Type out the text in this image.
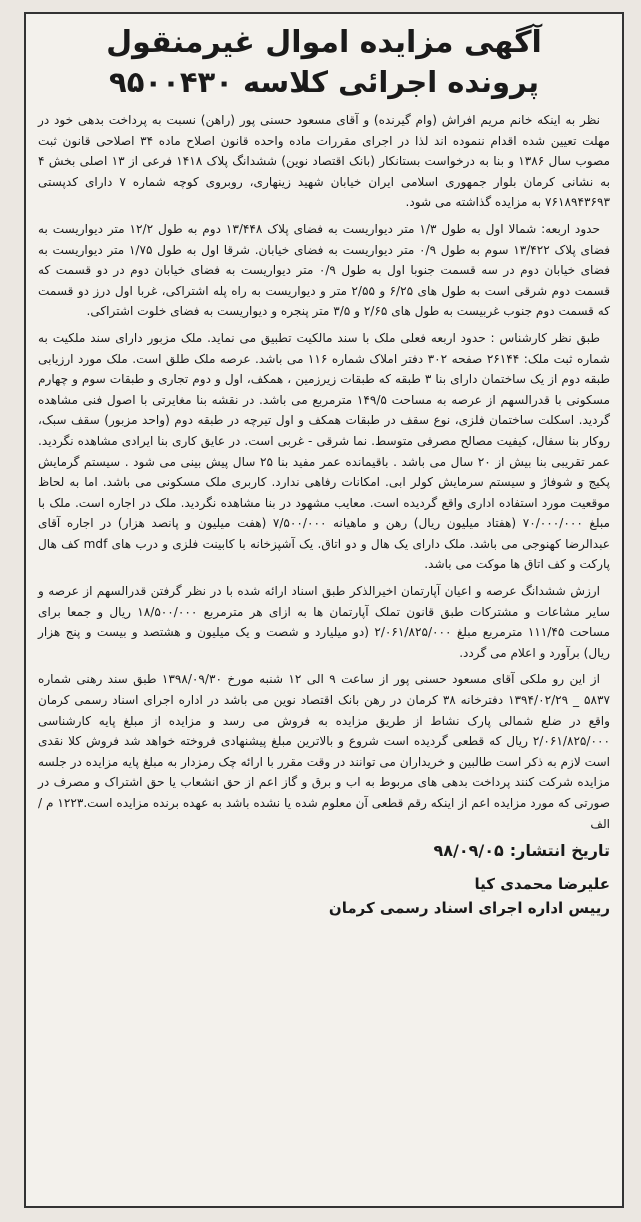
آگهی مزایده اموال غیرمنقول
پرونده اجرائی کلاسه ۹۵۰۰۴۳۰

نظر به اینکه خانم مریم افراش (وام گیرنده) و آقای مسعود حسنی پور (راهن) نسبت به پرداخت بدهی خود در مهلت تعیین شده اقدام ننموده اند لذا در اجرای مقررات ماده واحده قانون اصلاح ماده ۳۴ اصلاحی قانون ثبت مصوب سال ۱۳۸۶ و بنا به درخواست بستانکار (بانک اقتصاد نوین) ششدانگ پلاک ۱۴۱۸ فرعی از ۱۳ اصلی بخش ۴ به نشانی کرمان بلوار جمهوری اسلامی ایران خیابان شهید زینهاری، روبروی کوچه شماره ۷ دارای کدپستی ۷۶۱۸۹۴۳۶۹۳ به مزایده گذاشته می شود.

حدود اربعه: شمالا اول به طول ۱/۳ متر دیواریست به فضای پلاک ۱۳/۴۴۸ دوم به طول ۱۲/۲ متر دیواریست به فضای پلاک ۱۳/۴۲۲ سوم به طول ۰/۹ متر دیواریست به فضای خیابان. شرقا اول به طول ۱/۷۵ متر دیواریست به فضای خیابان دوم در سه قسمت جنوبا اول به طول ۰/۹ متر دیواریست به فضای خیابان دوم در دو قسمت که قسمت دوم شرقی است به طول های ۶/۲۵ و ۲/۵۵ متر و دیواریست به راه پله اشتراکی، غربا اول درز دو قسمت که قسمت دوم جنوب غربیست به طول های ۲/۶۵ و ۳/۵ متر پنجره و دیواریست به فضای خلوت اشتراکی.

طبق نظر کارشناس : حدود اربعه فعلی ملک با سند مالکیت تطبیق می نماید. ملک مزبور دارای سند ملکیت به شماره ثبت ملک: ۲۶۱۴۴ صفحه ۳۰۲ دفتر املاک شماره ۱۱۶ می باشد. عرصه ملک طلق است. ملک مورد ارزیابی طبقه دوم از یک ساختمان دارای بنا ۳ طبقه که طبقات زیرزمین ، همکف، اول و دوم تجاری و طبقات سوم و چهارم مسکونی با قدرالسهم از عرصه به مساحت ۱۴۹/۵ مترمربع می باشد. در نقشه بنا مغایرتی با اصول فنی مشاهده گردید. اسکلت ساختمان فلزی، نوع سقف در طبقات همکف و اول تیرچه در طبقه دوم (واحد مزبور) سقف سبک، روکار بنا سفال، کیفیت مصالح مصرفی متوسط. نما شرقی - غربی است. در عایق کاری بنا ایرادی مشاهده نگردید. عمر تقریبی بنا بیش از ۲۰ سال می باشد . باقیمانده عمر مفید بنا ۲۵ سال پیش بینی می شود . سیستم گرمایش پکیج و شوفاژ و سیستم سرمایش کولر ابی. امکانات رفاهی ندارد. کاربری ملک مسکونی می باشد. اما به لحاظ موقعیت مورد استفاده اداری واقع گردیده است. معایب مشهود در بنا مشاهده نگردید. ملک در اجاره است. ملک با مبلغ ۷۰/۰۰۰/۰۰۰ (هفتاد میلیون ریال) رهن و ماهیانه ۷/۵۰۰/۰۰۰ (هفت میلیون و پانصد هزار) در اجاره آقای عبدالرضا کهنوجی می باشد. ملک دارای یک هال و دو اتاق. یک آشپزخانه با کابینت فلزی و درب های mdf کف هال پارکت و کف اتاق ها موکت می باشد.

ارزش ششدانگ عرصه و اعیان آپارتمان اخیرالذکر طبق اسناد ارائه شده با در نظر گرفتن قدرالسهم از عرصه و سایر مشاعات و مشترکات طبق قانون تملک آپارتمان ها به ازای هر مترمربع ۱۸/۵۰۰/۰۰۰ ریال و جمعا برای مساحت ۱۱۱/۴۵ مترمربع مبلغ ۲/۰۶۱/۸۲۵/۰۰۰ (دو میلیارد و شصت و یک میلیون و هشتصد و بیست و پنج هزار ریال) برآورد و اعلام می گردد.

از این رو ملکی آقای مسعود حسنی پور از ساعت ۹ الی ۱۲ شنبه مورخ ۱۳۹۸/۰۹/۳۰ طبق سند رهنی شماره ۵۸۳۷ _ ۱۳۹۴/۰۲/۲۹ دفترخانه ۳۸ کرمان در رهن بانک اقتصاد نوین می باشد در اداره اجرای اسناد رسمی کرمان واقع در ضلع شمالی پارک نشاط از طریق مزایده به فروش می رسد و مزایده از مبلغ پایه کارشناسی ۲/۰۶۱/۸۲۵/۰۰۰ ریال که قطعی گردیده است شروع و بالاترین مبلغ پیشنهادی فروخته خواهد شد فروش کلا نقدی است لازم به ذکر است طالبین و خریداران می توانند در وقت مقرر با ارائه چک رمزدار به مبلغ پایه مزایده در جلسه مزایده شرکت کنند پرداخت بدهی های مربوط به اب و برق و گاز اعم از حق انشعاب یا حق اشتراک و مصرف در صورتی که مورد مزایده اعم از اینکه رقم قطعی آن معلوم شده یا نشده باشد به عهده برنده مزایده است.۱۲۲۳ م / الف

تاریخ انتشار:۹۸/۰۹/۰۵
علیرضا محمدی کیا
رییس اداره اجرای اسناد رسمی کرمان
